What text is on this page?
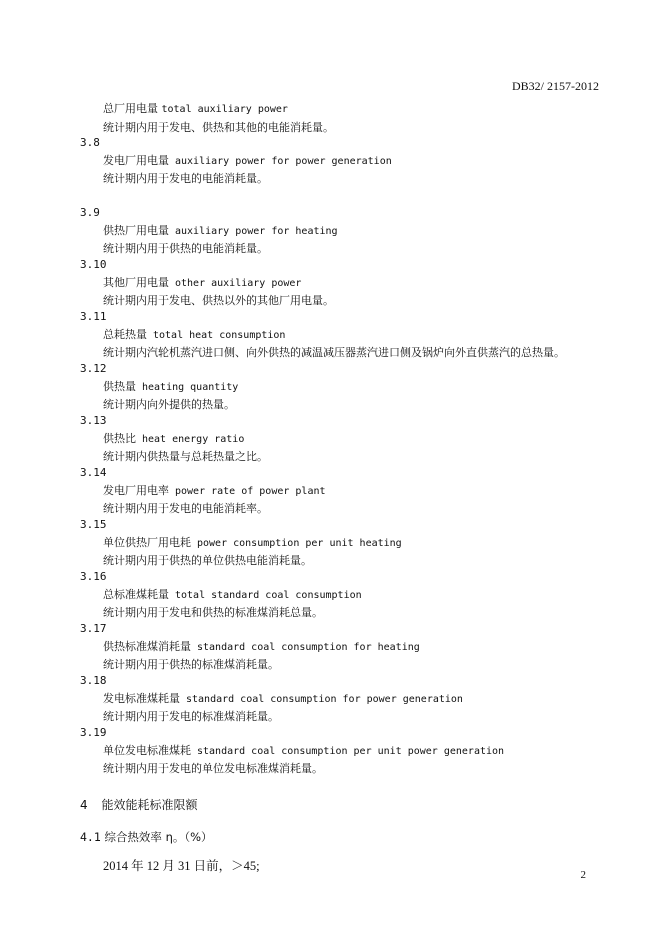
DB32/ 2157-2012
总厂用电量 total auxiliary power
统计期内用于发电、供热和其他的电能消耗量。
3.8
发电厂用电量 auxiliary power for power generation
统计期内用于发电的电能消耗量。
3.9
供热厂用电量 auxiliary power for heating
统计期内用于供热的电能消耗量。
3.10
其他厂用电量 other auxiliary power
统计期内用于发电、供热以外的其他厂用电量。
3.11
总耗热量 total heat consumption
统计期内汽轮机蒸汽进口侧、向外供热的减温减压器蒸汽进口侧及锅炉向外直供蒸汽的总热量。
3.12
供热量 heating quantity
统计期内向外提供的热量。
3.13
供热比 heat energy ratio
统计期内供热量与总耗热量之比。
3.14
发电厂用电率 power rate of power plant
统计期内用于发电的电能消耗率。
3.15
单位供热厂用电耗 power consumption per unit heating
统计期内用于供热的单位供热电能消耗量。
3.16
总标准煤耗量 total standard coal consumption
统计期内用于发电和供热的标准煤消耗总量。
3.17
供热标准煤消耗量 standard coal consumption for heating
统计期内用于供热的标准煤消耗量。
3.18
发电标准煤耗量 standard coal consumption for power generation
统计期内用于发电的标准煤消耗量。
3.19
单位发电标准煤耗 standard coal consumption per unit power generation
统计期内用于发电的单位发电标准煤消耗量。
4 能效能耗标准限额
4.1 综合热效率 η。（%）
2014 年 12 月 31 日前，＞45;
2
